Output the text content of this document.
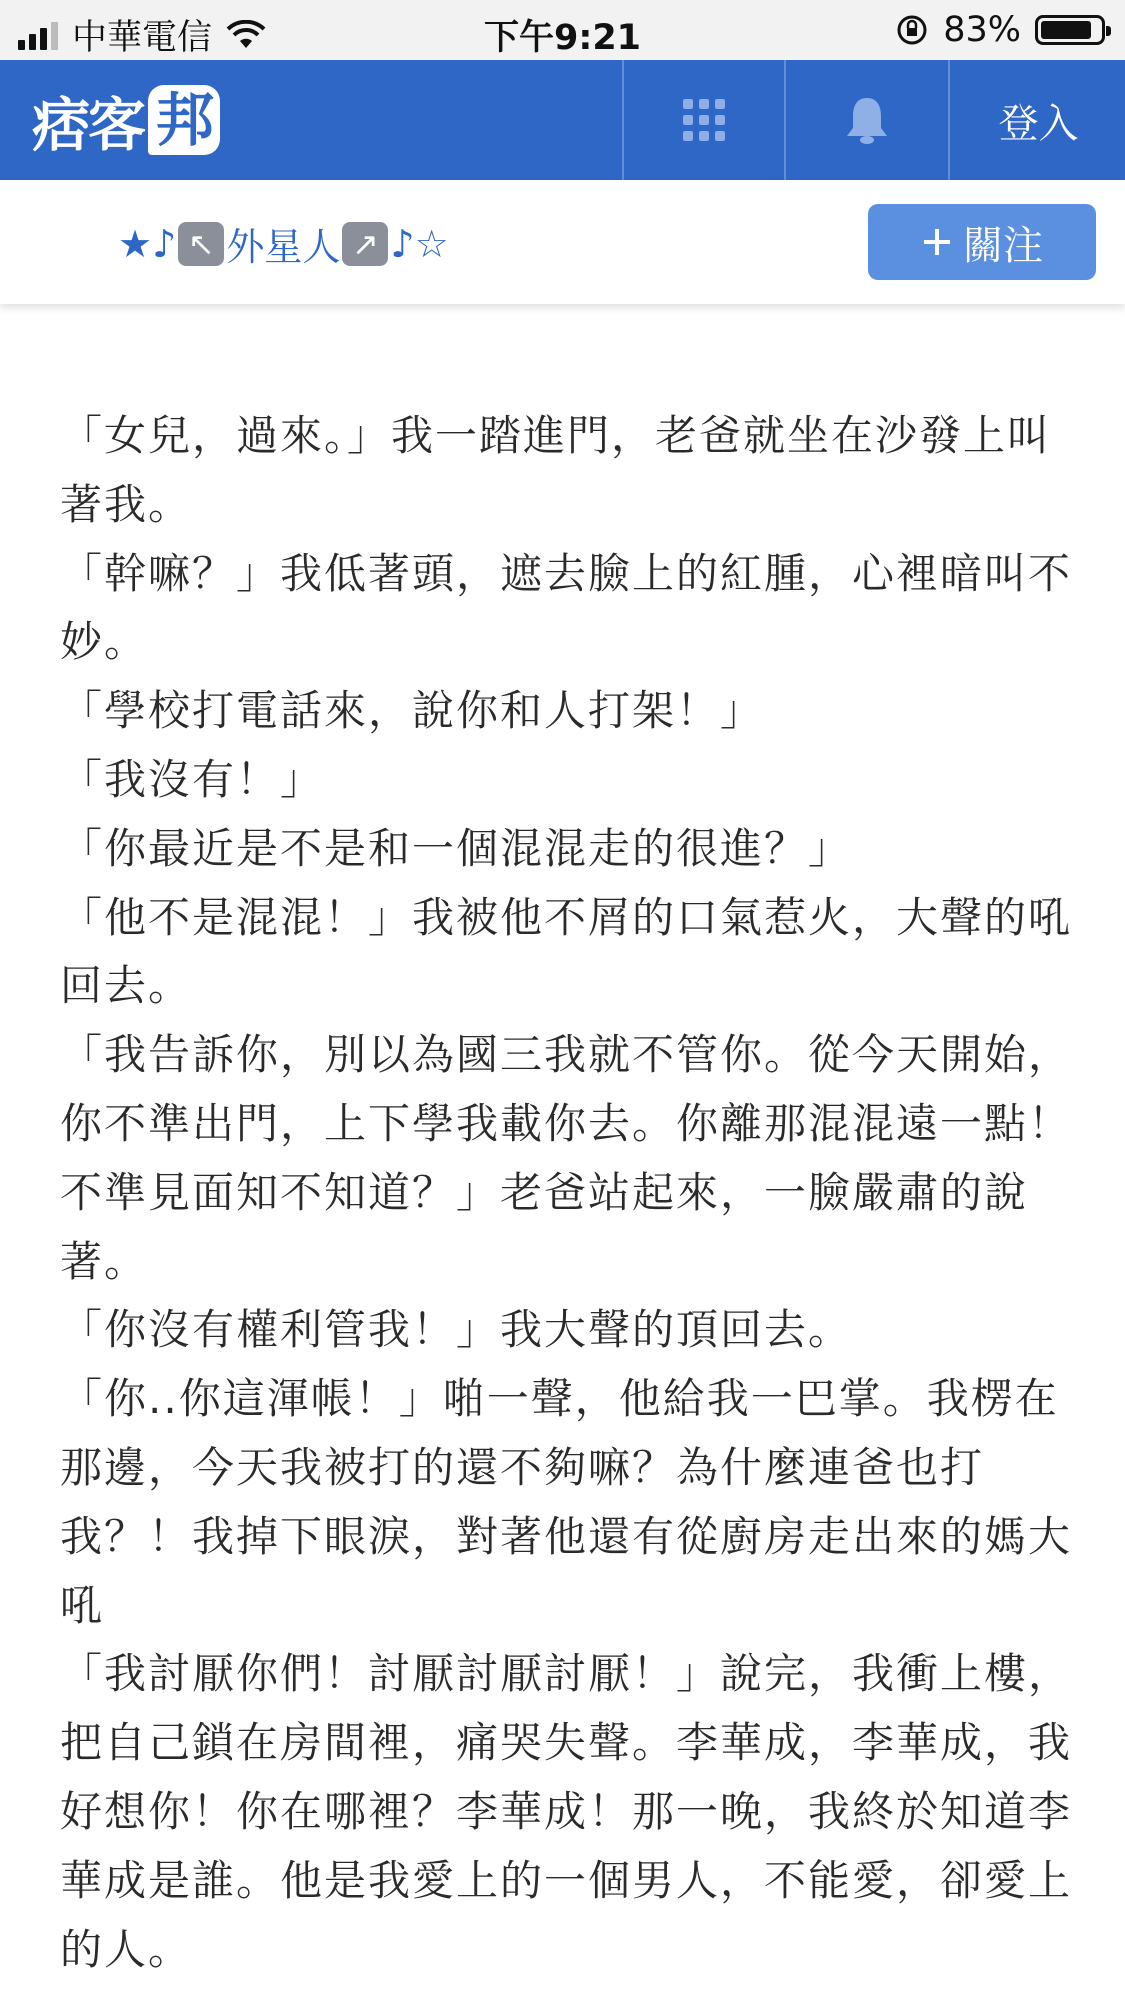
中華電信	下午9:21	83%
痞客 邦	登入
★♪ ↖ 外星人 ↗ ♪☆	關注

「女兒，過來。」我一踏進門，老爸就坐在沙發上叫著我。

「幹嘛？」我低著頭，遮去臉上的紅腫，心裡暗叫不妙。

「學校打電話來，說你和人打架！」

「我沒有！」

「你最近是不是和一個混混走的很進？」

「他不是混混！」我被他不屑的口氣惹火，大聲的吼回去。

「我告訴你，別以為國三我就不管你。從今天開始，你不準出門，上下學我載你去。你離那混混遠一點！不準見面知不知道？」老爸站起來，一臉嚴肅的說著。

「你沒有權利管我！」我大聲的頂回去。

「你..你這渾帳！」啪一聲，他給我一巴掌。我楞在那邊，今天我被打的還不夠嘛？為什麼連爸也打我？！我掉下眼淚，對著他還有從廚房走出來的媽大吼

「我討厭你們！討厭討厭討厭！」說完，我衝上樓，把自己鎖在房間裡，痛哭失聲。李華成，李華成，我好想你！你在哪裡？李華成！那一晚，我終於知道李華成是誰。他是我愛上的一個男人，不能愛，卻愛上的人。
